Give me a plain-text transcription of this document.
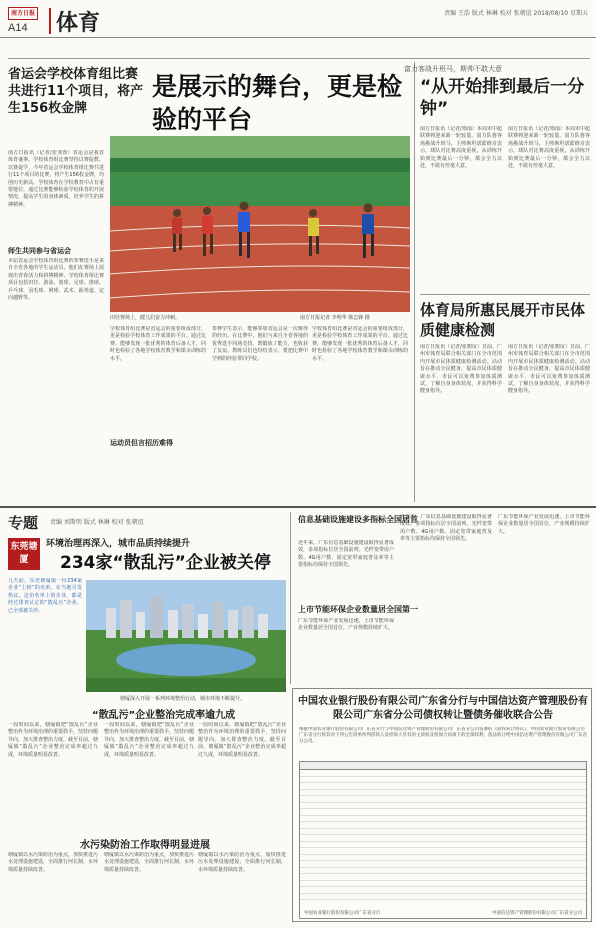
南方日报
A14 体育	责编 王浩 版式 林琳 校对 张朝谊 2018/08/10 星期五
省运会学校体育组比赛共进行11个项目，将产生156枚金牌
南方日报讯（记者/张斐蓉）省运会是我省体育盛事。学校体育组比赛坚持以赛促教、以赛促学，今年省运会学校体育组比赛共进行11个项目的比赛，将产生156枚金牌，均创历史新高。学校体育在学校教育中占有重要地位，通过比赛能够检验学校体育的开展情况，提高学生的身体素质，培养学生的拼搏精神。
师生共同参与省运会
本届省运会学校体育组比赛的参赛选手是来自全省各地的学生运动员。他们在赛场上展现出青春活力和拼搏精神。学校体育组比赛项目包括田径、游泳、篮球、足球、排球、乒乓球、羽毛球、网球、武术、跆拳道、定向越野等。
是展示的舞台，更是检验的平台
田径赛场上，健儿们奋力冲刺。	南方日报记者 李明华 梁志锋 摄
学校体育组比赛是省运会的重要组成部分，更是检验学校体育工作成果的平台。通过比赛，能够发现一批优秀的体育后备人才，同时也检验了各地学校体育教学和课余训练的水平。
运动员但言招历难得
参赛学生表示，能够参加省运会是一次难得的经历。在比赛中，他们与来自全省各地的优秀选手同场竞技，既锻炼了能力，也收获了友谊。教练员们也纷纷表示，要把比赛中学到的经验带回学校。
学校体育组比赛是省运会的重要组成部分，更是检验学校体育工作成果的平台。通过比赛，能够发现一批优秀的体育后备人才，同时也检验了各地学校体育教学和课余训练的水平。
富力客战升班马，斯帅不敢大意
“从开始排到最后一分钟”
南方日报讯（记者/郑灿）本周末中超联赛将迎来新一轮较量。富力队将客场挑战升班马。主帅斯坦诺耶维奇表示，球队对比赛高度重视，从训练开始到比赛最后一分钟，都会全力以赴，不敢有丝毫大意。
南方日报讯（记者/郑灿）本周末中超联赛将迎来新一轮较量。富力队将客场挑战升班马。主帅斯坦诺耶维奇表示，球队对比赛高度重视，从训练开始到比赛最后一分钟，都会全力以赴，不敢有丝毫大意。
体育局所惠民展开市民体质健康检测
南方日报讯（记者/张朝谊）日前，广州市体育局联合相关部门在全市范围内开展市民体质健康检测活动。活动旨在推动全民健身，提高市民体质健康水平。市民可以免费参加体质测试，了解自身身体状况，并获得科学健身指导。
南方日报讯（记者/张朝谊）日前，广州市体育局联合相关部门在全市范围内开展市民体质健康检测活动。活动旨在推动全民健身，提高市民体质健康水平。市民可以免费参加体质测试，了解自身身体状况，并获得科学健身指导。
专题 责编 刘斯明 版式 林琳 校对 张朝谊
东莞塘厦
环境治理再深入，城市品质持续提升
234家“散乱污”企业被关停
几天前，东莞塘厦镇一份234家企业“上榜”的名单，在当地引发热议。这份名单上的企业，都是经过排查认定的“散乱污”企业，已全部被关停。
塘厦深入开展一系列环境整治行动，城市环境不断提升。
“散乱污”企业整治完成率逾九成
一段时间以来，塘厦镇把“散乱污”企业整治作为环境治理的重要抓手，坚持问题导向，加大排查整治力度。截至目前，塘厦镇“散乱污”企业整治完成率超过九成，环境质量明显改善。
一段时间以来，塘厦镇把“散乱污”企业整治作为环境治理的重要抓手，坚持问题导向，加大排查整治力度。截至目前，塘厦镇“散乱污”企业整治完成率超过九成，环境质量明显改善。
一段时间以来，塘厦镇把“散乱污”企业整治作为环境治理的重要抓手，坚持问题导向，加大排查整治力度。截至目前，塘厦镇“散乱污”企业整治完成率超过九成，环境质量明显改善。
水污染防治工作取得明显进展
塘厦镇以水污染防治为重点，加快推进污水处理设施建设，全面推行河长制，水环境质量持续改善。
塘厦镇以水污染防治为重点，加快推进污水处理设施建设，全面推行河长制，水环境质量持续改善。
塘厦镇以水污染防治为重点，加快推进污水处理设施建设，全面推行河长制，水环境质量持续改善。
信息基础设施建设多指标全国居首
近年来，广东信息基础设施建设取得显著成效，多项指标位居全国前列。光纤宽带用户数、4G用户数、固定宽带家庭普及率等主要指标均保持全国领先。
上市节能环保企业数量居全国第一
广东节能环保产业发展迅速，上市节能环保企业数量居全国首位，产业规模持续扩大。
近年来，广东信息基础设施建设取得显著成效，多项指标位居全国前列。光纤宽带用户数、4G用户数、固定宽带家庭普及率等主要指标均保持全国领先。
广东节能环保产业发展迅速，上市节能环保企业数量居全国首位，产业规模持续扩大。
中国农业银行股份有限公司广东省分行与中国信达资产管理股份有限公司广东省分公司债权转让暨债务催收联合公告
根据中国农业银行股份有限公司广东省分行与中国信达资产管理股份有限公司广东省分公司签署的《债权转让协议》，中国农业银行股份有限公司广东省分行将其对下列公告清单所列借款人及担保人享有的主债权及担保合同项下的全部权利，依法转让给中国信达资产管理股份有限公司广东省分公司。
中国农业银行股份有限公司广东省分行	中国信达资产管理股份有限公司广东省分公司
